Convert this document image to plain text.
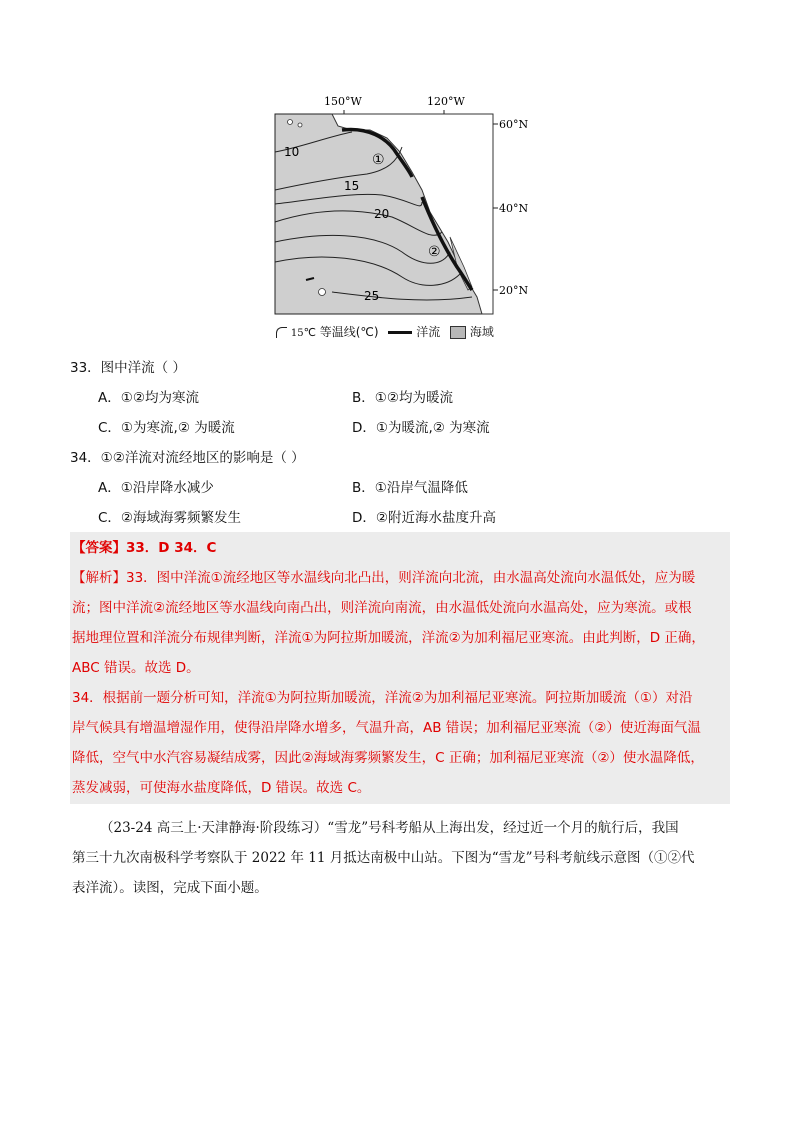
150°W	120°W
60°N
40°N
20°N
10
15
20
25
①
②
15℃ 等温线(℃)	洋流 海域
33．图中洋流（ ）
A．①②均为寒流	B．①②均为暖流
C．①为寒流,② 为暖流	D．①为暖流,② 为寒流
34．①②洋流对流经地区的影响是（ ）
A．①沿岸降水减少	B．①沿岸气温降低
C．②海域海雾频繁发生	D．②附近海水盐度升高
【答案】33．D 34．C
【解析】33．图中洋流①流经地区等水温线向北凸出，则洋流向北流，由水温高处流向水温低处，应为暖
流；图中洋流②流经地区等水温线向南凸出，则洋流向南流，由水温低处流向水温高处，应为寒流。或根
据地理位置和洋流分布规律判断，洋流①为阿拉斯加暖流，洋流②为加利福尼亚寒流。由此判断，D 正确，
ABC 错误。故选 D。
34．根据前一题分析可知，洋流①为阿拉斯加暖流，洋流②为加利福尼亚寒流。阿拉斯加暖流（①）对沿
岸气候具有增温增湿作用，使得沿岸降水增多，气温升高，AB 错误；加利福尼亚寒流（②）使近海面气温
降低，空气中水汽容易凝结成雾，因此②海域海雾频繁发生，C 正确；加利福尼亚寒流（②）使水温降低，
蒸发减弱，可使海水盐度降低，D 错误。故选 C。
（23-24 高三上·天津静海·阶段练习）“雪龙”号科考船从上海出发，经过近一个月的航行后，我国
第三十九次南极科学考察队于 2022 年 11 月抵达南极中山站。下图为“雪龙”号科考航线示意图（①②代
表洋流）。读图，完成下面小题。
